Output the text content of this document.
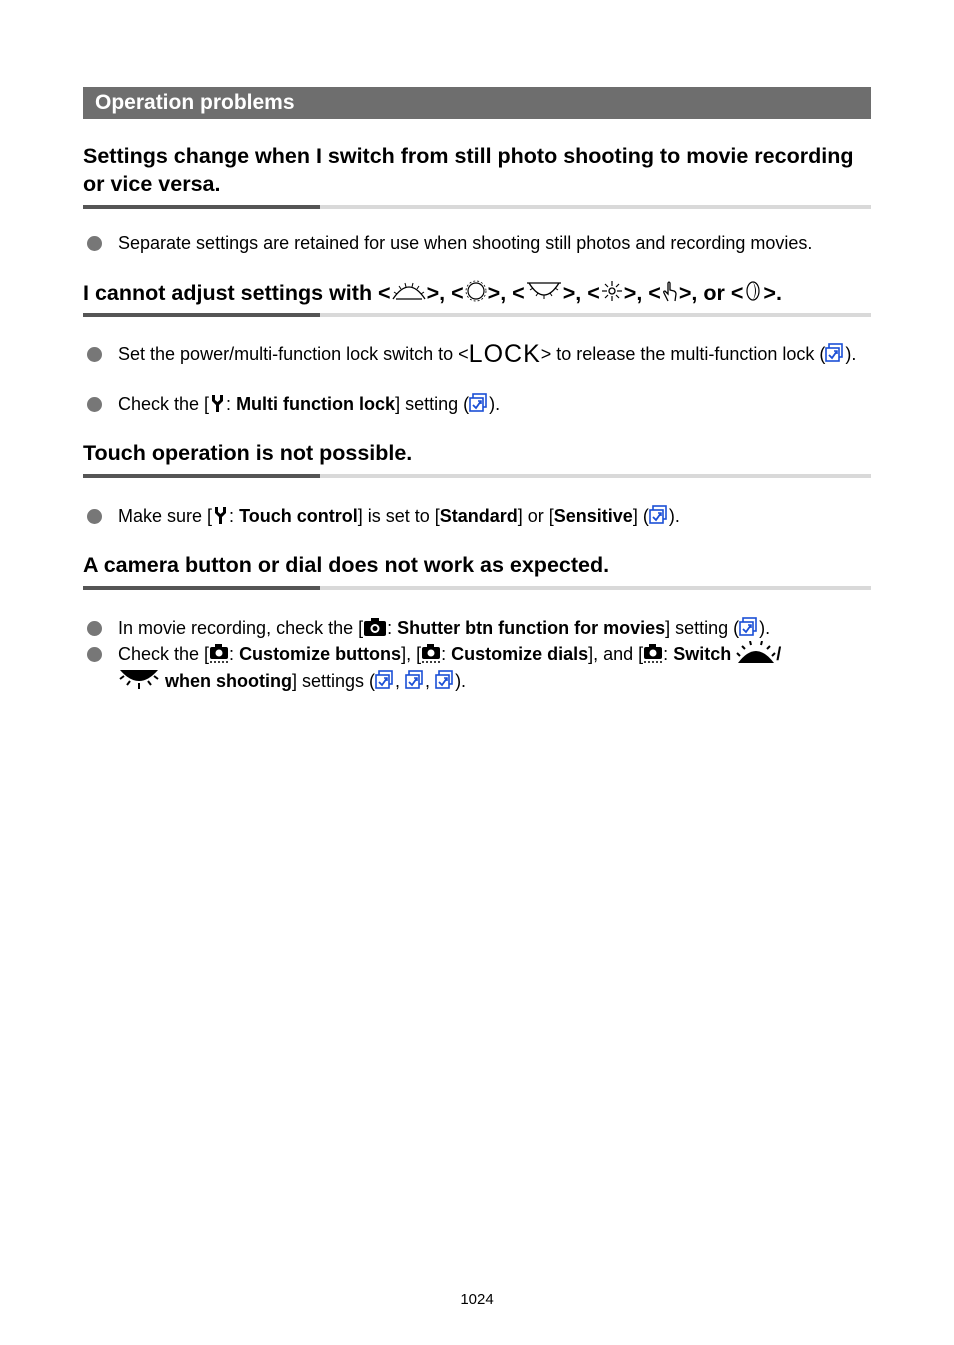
Operation problems
Settings change when I switch from still photo shooting to movie recording or vice versa.
Separate settings are retained for use when shooting still photos and recording movies.
I cannot adjust settings with < >, < >, < >, < >, < >, or < >.
Set the power/multi-function lock switch to <LOCK> to release the multi-function lock ( ).
Check the [ : Multi function lock] setting ( ).
Touch operation is not possible.
Make sure [ : Touch control] is set to [Standard] or [Sensitive] ( ).
A camera button or dial does not work as expected.
In movie recording, check the [ : Shutter btn function for movies] setting ( ).
Check the [ : Customize buttons], [ : Customize dials], and [ : Switch /
when shooting] settings ( , , ).
1024
